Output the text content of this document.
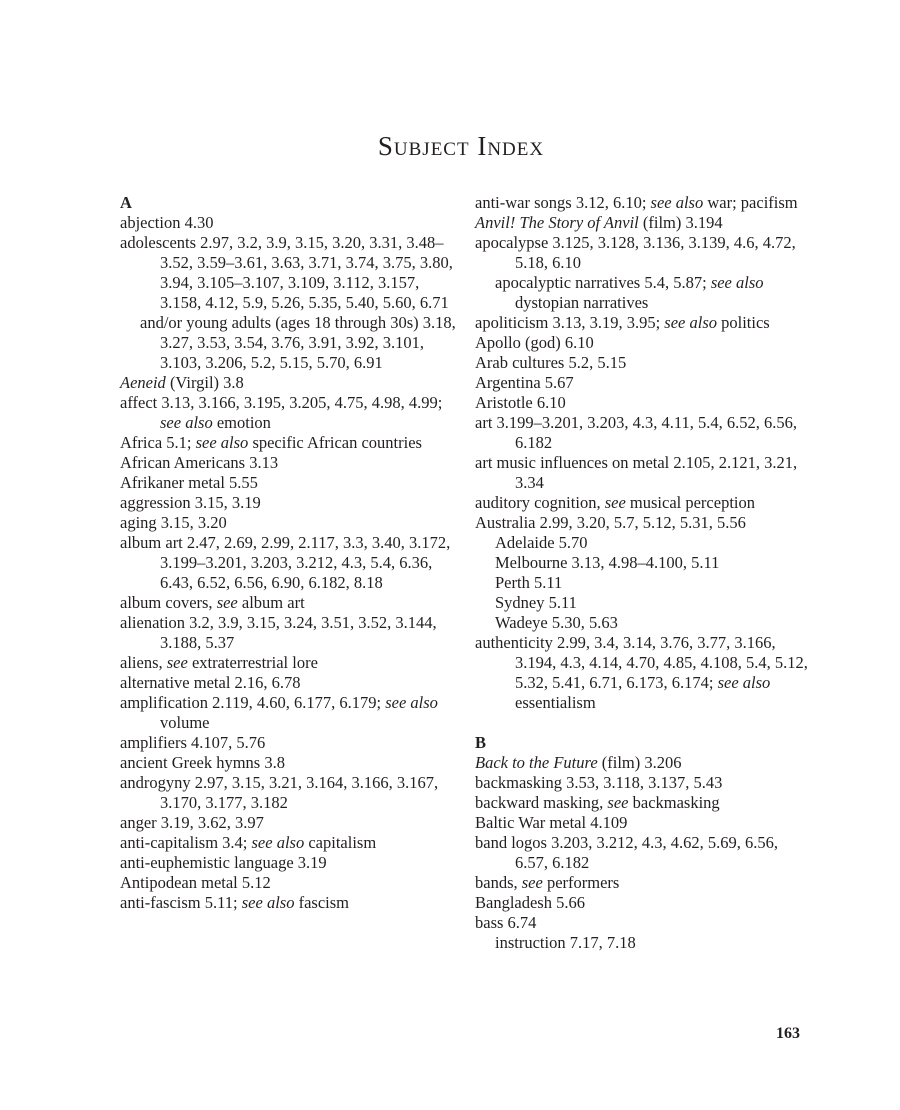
Subject Index
A
abjection 4.30
adolescents 2.97, 3.2, 3.9, 3.15, 3.20, 3.31, 3.48–3.52, 3.59–3.61, 3.63, 3.71, 3.74, 3.75, 3.80, 3.94, 3.105–3.107, 3.109, 3.112, 3.157, 3.158, 4.12, 5.9, 5.26, 5.35, 5.40, 5.60, 6.71
and/or young adults (ages 18 through 30s) 3.18, 3.27, 3.53, 3.54, 3.76, 3.91, 3.92, 3.101, 3.103, 3.206, 5.2, 5.15, 5.70, 6.91
Aeneid (Virgil) 3.8
affect 3.13, 3.166, 3.195, 3.205, 4.75, 4.98, 4.99; see also emotion
Africa 5.1; see also specific African countries
African Americans 3.13
Afrikaner metal 5.55
aggression 3.15, 3.19
aging 3.15, 3.20
album art 2.47, 2.69, 2.99, 2.117, 3.3, 3.40, 3.172, 3.199–3.201, 3.203, 3.212, 4.3, 5.4, 6.36, 6.43, 6.52, 6.56, 6.90, 6.182, 8.18
album covers, see album art
alienation 3.2, 3.9, 3.15, 3.24, 3.51, 3.52, 3.144, 3.188, 5.37
aliens, see extraterrestrial lore
alternative metal 2.16, 6.78
amplification 2.119, 4.60, 6.177, 6.179; see also volume
amplifiers 4.107, 5.76
ancient Greek hymns 3.8
androgyny 2.97, 3.15, 3.21, 3.164, 3.166, 3.167, 3.170, 3.177, 3.182
anger 3.19, 3.62, 3.97
anti-capitalism 3.4; see also capitalism
anti-euphemistic language 3.19
Antipodean metal 5.12
anti-fascism 5.11; see also fascism
anti-war songs 3.12, 6.10; see also war; pacifism
Anvil! The Story of Anvil (film) 3.194
apocalypse 3.125, 3.128, 3.136, 3.139, 4.6, 4.72, 5.18, 6.10
apocalyptic narratives 5.4, 5.87; see also dystopian narratives
apoliticism 3.13, 3.19, 3.95; see also politics
Apollo (god) 6.10
Arab cultures 5.2, 5.15
Argentina 5.67
Aristotle 6.10
art 3.199–3.201, 3.203, 4.3, 4.11, 5.4, 6.52, 6.56, 6.182
art music influences on metal 2.105, 2.121, 3.21, 3.34
auditory cognition, see musical perception
Australia 2.99, 3.20, 5.7, 5.12, 5.31, 5.56
Adelaide 5.70
Melbourne 3.13, 4.98–4.100, 5.11
Perth 5.11
Sydney 5.11
Wadeye 5.30, 5.63
authenticity 2.99, 3.4, 3.14, 3.76, 3.77, 3.166, 3.194, 4.3, 4.14, 4.70, 4.85, 4.108, 5.4, 5.12, 5.32, 5.41, 6.71, 6.173, 6.174; see also essentialism
B
Back to the Future (film) 3.206
backmasking 3.53, 3.118, 3.137, 5.43
backward masking, see backmasking
Baltic War metal 4.109
band logos 3.203, 3.212, 4.3, 4.62, 5.69, 6.56, 6.57, 6.182
bands, see performers
Bangladesh 5.66
bass 6.74
instruction 7.17, 7.18
163
